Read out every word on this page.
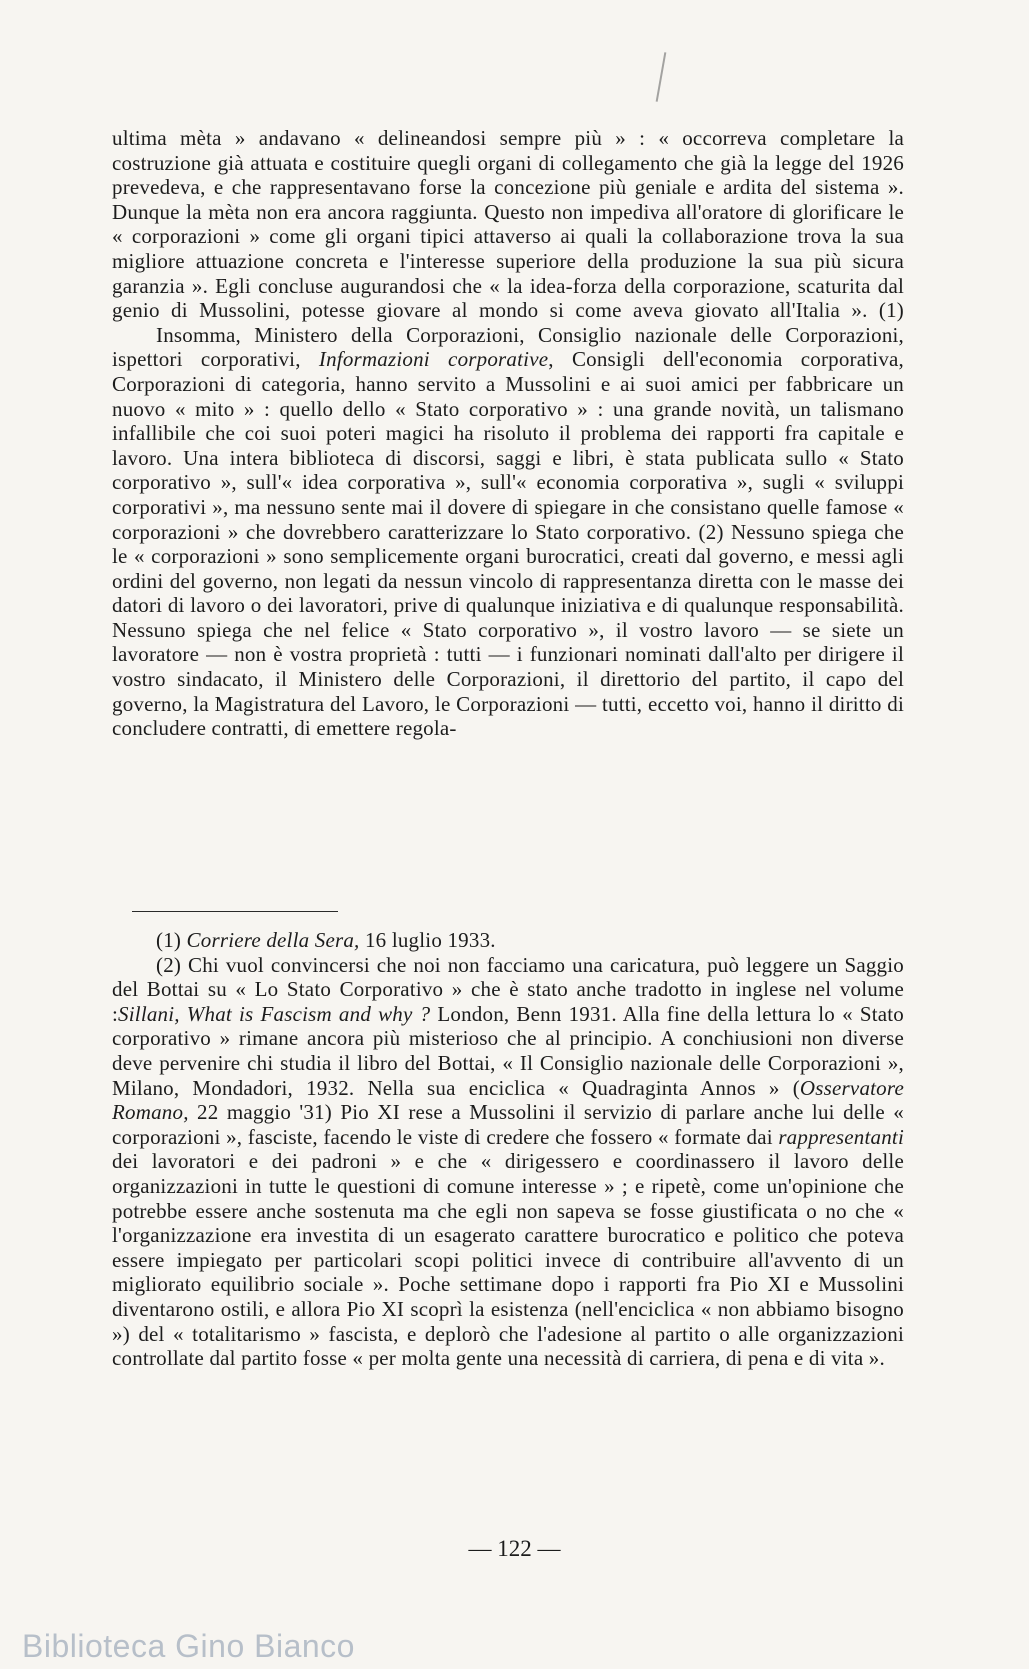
ultima mèta » andavano « delineandosi sempre più » : « occorreva completare la costruzione già attuata e costituire quegli organi di collegamento che già la legge del 1926 prevedeva, e che rappresentavano forse la concezione più geniale e ardita del sistema ». Dunque la mèta non era ancora raggiunta. Questo non impediva all'oratore di glorificare le « corporazioni » come gli organi tipici attaverso ai quali la collaborazione trova la sua migliore attuazione concreta e l'interesse superiore della produzione la sua più sicura garanzia ». Egli concluse augurandosi che « la idea-forza della corporazione, scaturita dal genio di Mussolini, potesse giovare al mondo si come aveva giovato all'Italia ». (1)

Insomma, Ministero della Corporazioni, Consiglio nazionale delle Corporazioni, ispettori corporativi, Informazioni corporative, Consigli dell'economia corporativa, Corporazioni di categoria, hanno servito a Mussolini e ai suoi amici per fabbricare un nuovo « mito » : quello dello « Stato corporativo » : una grande novità, un talismano infallibile che coi suoi poteri magici ha risoluto il problema dei rapporti fra capitale e lavoro. Una intera biblioteca di discorsi, saggi e libri, è stata publicata sullo « Stato corporativo », sull'« idea corporativa », sull'« economia corporativa », sugli « sviluppi corporativi », ma nessuno sente mai il dovere di spiegare in che consistano quelle famose « corporazioni » che dovrebbero caratterizzare lo Stato corporativo. (2) Nessuno spiega che le « corporazioni » sono semplicemente organi burocratici, creati dal governo, e messi agli ordini del governo, non legati da nessun vincolo di rappresentanza diretta con le masse dei datori di lavoro o dei lavoratori, prive di qualunque iniziativa e di qualunque responsabilità. Nessuno spiega che nel felice « Stato corporativo », il vostro lavoro — se siete un lavoratore — non è vostra proprietà : tutti — i funzionari nominati dall'alto per dirigere il vostro sindacato, il Ministero delle Corporazioni, il direttorio del partito, il capo del governo, la Magistratura del Lavoro, le Corporazioni — tutti, eccetto voi, hanno il diritto di concludere contratti, di emettere regola-

(1) Corriere della Sera, 16 luglio 1933.

(2) Chi vuol convincersi che noi non facciamo una caricatura, può leggere un Saggio del Bottai su « Lo Stato Corporativo » che è stato anche tradotto in inglese nel volume :Sillani, What is Fascism and why ? London, Benn 1931. Alla fine della lettura lo « Stato corporativo » rimane ancora più misterioso che al principio. A conchiusioni non diverse deve pervenire chi studia il libro del Bottai, « Il Consiglio nazionale delle Corporazioni », Milano, Mondadori, 1932. Nella sua enciclica « Quadraginta Annos » (Osservatore Romano, 22 maggio '31) Pio XI rese a Mussolini il servizio di parlare anche lui delle « corporazioni », fasciste, facendo le viste di credere che fossero « formate dai rappresentanti dei lavoratori e dei padroni » e che « dirigessero e coordinassero il lavoro delle organizzazioni in tutte le questioni di comune interesse » ; e ripetè, come un'opinione che potrebbe essere anche sostenuta ma che egli non sapeva se fosse giustificata o no che « l'organizzazione era investita di un esagerato carattere burocratico e politico che poteva essere impiegato per particolari scopi politici invece di contribuire all'avvento di un migliorato equilibrio sociale ». Poche settimane dopo i rapporti fra Pio XI e Mussolini diventarono ostili, e allora Pio XI scoprì la esistenza (nell'enciclica « non abbiamo bisogno ») del « totalitarismo » fascista, e deplorò che l'adesione al partito o alle organizzazioni controllate dal partito fosse « per molta gente una necessità di carriera, di pena e di vita ».

— 122 —
Biblioteca Gino Bianco
